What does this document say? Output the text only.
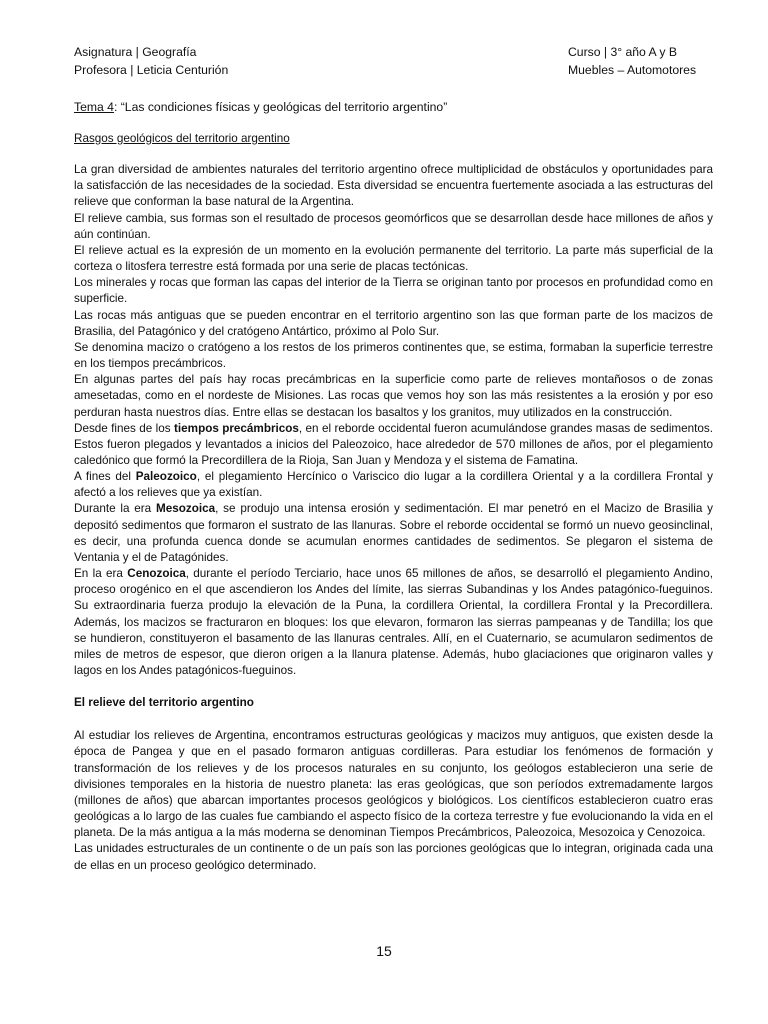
Asignatura | Geografía
Profesora | Leticia Centurión
Curso | 3° año A y B
Muebles – Automotores

Tema 4: “Las condiciones físicas y geológicas del territorio argentino”

Rasgos geológicos del territorio argentino

La gran diversidad de ambientes naturales del territorio argentino ofrece multiplicidad de obstáculos y oportunidades para la satisfacción de las necesidades de la sociedad. Esta diversidad se encuentra fuertemente asociada a las estructuras del relieve que conforman la base natural de la Argentina.

El relieve cambia, sus formas son el resultado de procesos geomórficos que se desarrollan desde hace millones de años y aún continúan.

El relieve actual es la expresión de un momento en la evolución permanente del territorio. La parte más superficial de la corteza o litosfera terrestre está formada por una serie de placas tectónicas.

Los minerales y rocas que forman las capas del interior de la Tierra se originan tanto por procesos en profundidad como en superficie.

Las rocas más antiguas que se pueden encontrar en el territorio argentino son las que forman parte de los macizos de Brasilia, del Patagónico y del cratógeno Antártico, próximo al Polo Sur.

Se denomina macizo o cratógeno a los restos de los primeros continentes que, se estima, formaban la superficie terrestre en los tiempos precámbricos.

En algunas partes del país hay rocas precámbricas en la superficie como parte de relieves montañosos o de zonas amesetadas, como en el nordeste de Misiones. Las rocas que vemos hoy son las más resistentes a la erosión y por eso perduran hasta nuestros días. Entre ellas se destacan los basaltos y los granitos, muy utilizados en la construcción.

Desde fines de los tiempos precámbricos, en el reborde occidental fueron acumulándose grandes masas de sedimentos. Estos fueron plegados y levantados a inicios del Paleozoico, hace alrededor de 570 millones de años, por el plegamiento caledónico que formó la Precordillera de la Rioja, San Juan y Mendoza y el sistema de Famatina.

A fines del Paleozoico, el plegamiento Hercínico o Variscico dio lugar a la cordillera Oriental y a la cordillera Frontal y afectó a los relieves que ya existían.

Durante la era Mesozoica, se produjo una intensa erosión y sedimentación. El mar penetró en el Macizo de Brasilia y depositó sedimentos que formaron el sustrato de las llanuras. Sobre el reborde occidental se formó un nuevo geosinclinal, es decir, una profunda cuenca donde se acumulan enormes cantidades de sedimentos. Se plegaron el sistema de Ventania y el de Patagónides.

En la era Cenozoica, durante el período Terciario, hace unos 65 millones de años, se desarrolló el plegamiento Andino, proceso orogénico en el que ascendieron los Andes del límite, las sierras Subandinas y los Andes patagónico-fueguinos. Su extraordinaria fuerza produjo la elevación de la Puna, la cordillera Oriental, la cordillera Frontal y la Precordillera. Además, los macizos se fracturaron en bloques: los que elevaron, formaron las sierras pampeanas y de Tandilla; los que se hundieron, constituyeron el basamento de las llanuras centrales. Allí, en el Cuaternario, se acumularon sedimentos de miles de metros de espesor, que dieron origen a la llanura platense. Además, hubo glaciaciones que originaron valles y lagos en los Andes patagónicos-fueguinos.

El relieve del territorio argentino

Al estudiar los relieves de Argentina, encontramos estructuras geológicas y macizos muy antiguos, que existen desde la época de Pangea y que en el pasado formaron antiguas cordilleras. Para estudiar los fenómenos de formación y transformación de los relieves y de los procesos naturales en su conjunto, los geólogos establecieron una serie de divisiones temporales en la historia de nuestro planeta: las eras geológicas, que son períodos extremadamente largos (millones de años) que abarcan importantes procesos geológicos y biológicos. Los científicos establecieron cuatro eras geológicas a lo largo de las cuales fue cambiando el aspecto físico de la corteza terrestre y fue evolucionando la vida en el planeta. De la más antigua a la más moderna se denominan Tiempos Precámbricos, Paleozoica, Mesozoica y Cenozoica.

Las unidades estructurales de un continente o de un país son las porciones geológicas que lo integran, originada cada una de ellas en un proceso geológico determinado.

15
